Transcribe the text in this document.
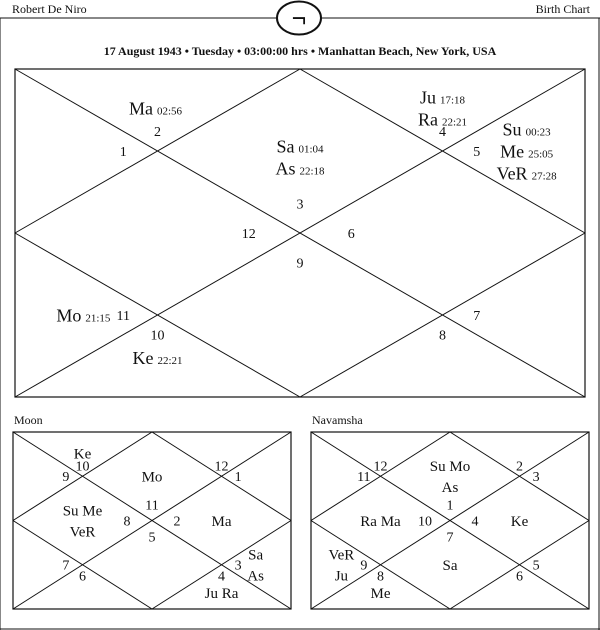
Robert De Niro	Birth Chart
17 August 1943 • Tuesday • 03:00:00 hrs • Manhattan Beach, New York, USA
Moon	Navamsha
¬
3
Sa 01:04
As 22:18
2
Ma 02:56
1
12
11
Mo 21:15
10
Ke 22:21
9
8
7
6
5
Su 00:23
Me 25:05
VeR 27:28
4
Ju 17:18
Ra 22:21
11
Mo
10
Ke
9
8
Su Me
VeR
7
6
5
4
Ju Ra
3
Sa
As
2 Ma
1
12
1
Su Mo
As
12
11
10
Ra Ma
9
VeR
Ju 8
Me
7
Sa
6
5
4 Ke
3
2
